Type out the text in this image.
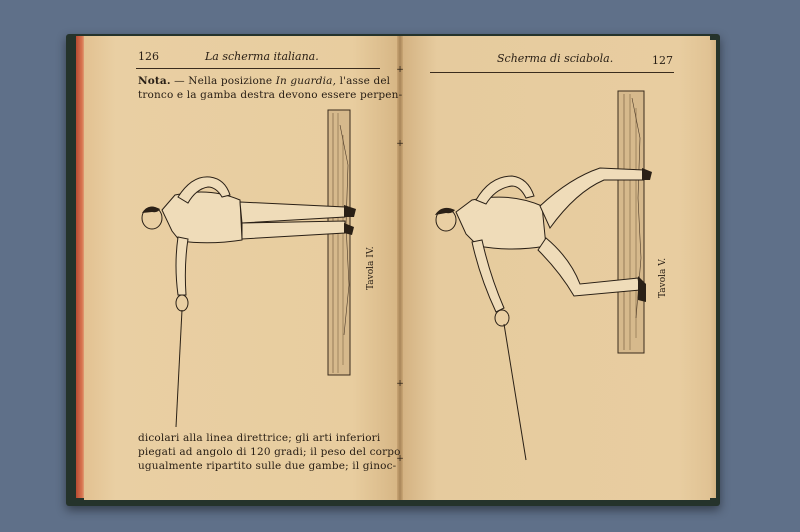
+
+
+
+
126	La scherma italiana.
Nota. — Nella posizione In guardia, l'asse del
tronco e la gamba destra devono essere perpen-
Tavola IV.
dicolari alla linea direttrice; gli arti inferiori
piegati ad angolo di 120 gradi; il peso del corpo
ugualmente ripartito sulle due gambe; il ginoc-
Scherma di sciabola.	127
Tavola V.
